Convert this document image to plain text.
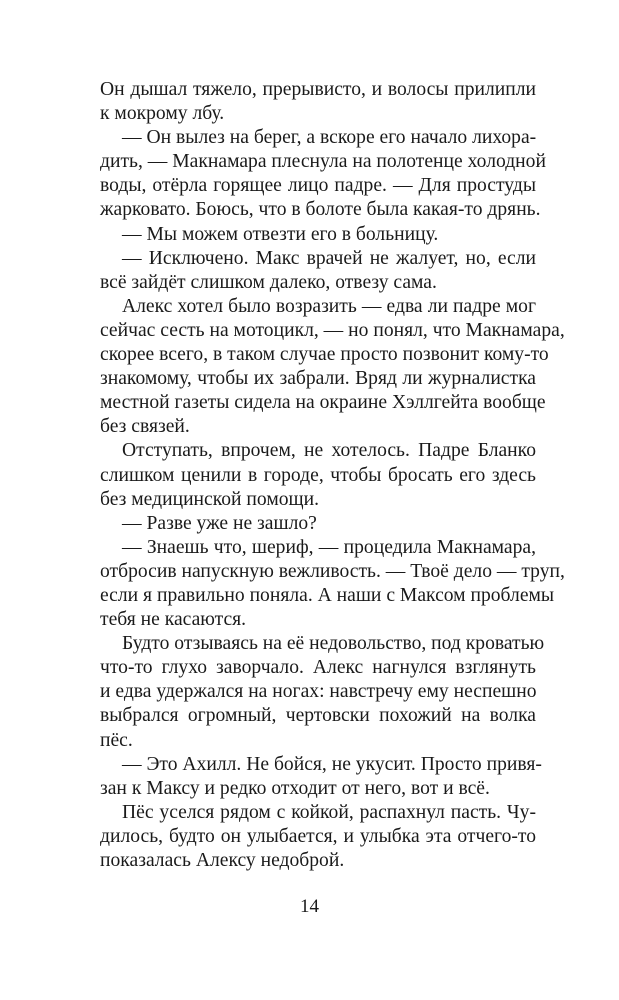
Он дышал тяжело, прерывисто, и волосы прилипли
к мокрому лбу.
— Он вылез на берег, а вскоре его начало лихора-
дить, — Макнамара плеснула на полотенце холодной
воды, отёрла горящее лицо падре. — Для простуды
жарковато. Боюсь, что в болоте была какая-то дрянь.
— Мы можем отвезти его в больницу.
— Исключено. Макс врачей не жалует, но, если
всё зайдёт слишком далеко, отвезу сама.
Алекс хотел было возразить — едва ли падре мог
сейчас сесть на мотоцикл, — но понял, что Макнамара,
скорее всего, в таком случае просто позвонит кому-то
знакомому, чтобы их забрали. Вряд ли журналистка
местной газеты сидела на окраине Хэллгейта вообще
без связей.
Отступать, впрочем, не хотелось. Падре Бланко
слишком ценили в городе, чтобы бросать его здесь
без медицинской помощи.
— Разве уже не зашло?
— Знаешь что, шериф, — процедила Макнамара,
отбросив напускную вежливость. — Твоё дело — труп,
если я правильно поняла. А наши с Максом проблемы
тебя не касаются.
Будто отзываясь на её недовольство, под кроватью
что-то глухо заворчало. Алекс нагнулся взглянуть
и едва удержался на ногах: навстречу ему неспешно
выбрался огромный, чертовски похожий на волка
пёс.
— Это Ахилл. Не бойся, не укусит. Просто привя-
зан к Максу и редко отходит от него, вот и всё.
Пёс уселся рядом с койкой, распахнул пасть. Чу-
дилось, будто он улыбается, и улыбка эта отчего-то
показалась Алексу недоброй.
14
